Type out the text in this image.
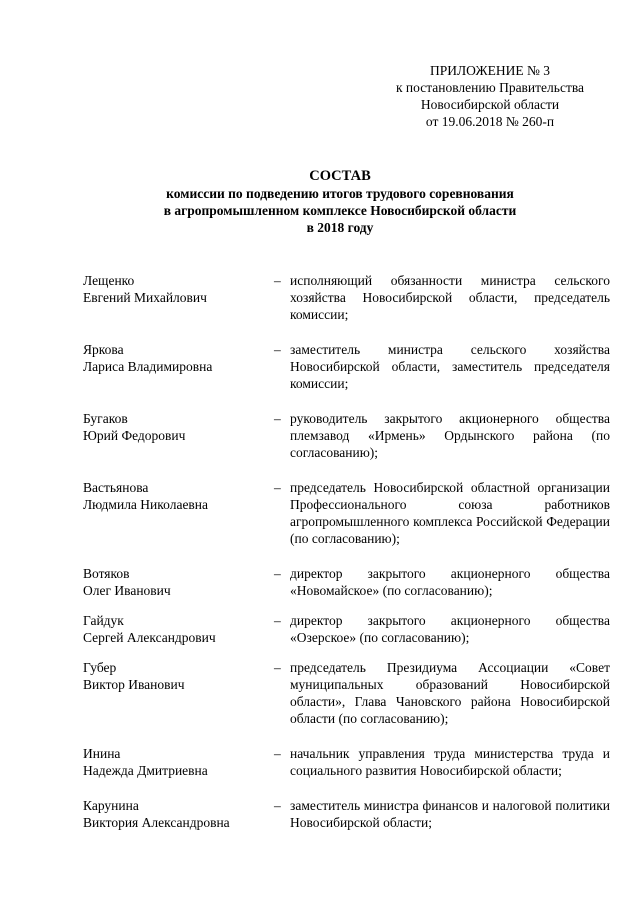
ПРИЛОЖЕНИЕ № 3
к постановлению Правительства
Новосибирской области
от 19.06.2018 № 260-п
СОСТАВ
комиссии по подведению итогов трудового соревнования
в агропромышленном комплексе Новосибирской области
в 2018 году
Лещенко
Евгений Михайлович
– исполняющий обязанности министра сельского хозяйства Новосибирской области, председатель комиссии;
Яркова
Лариса Владимировна
– заместитель министра сельского хозяйства Новосибирской области, заместитель председателя комиссии;
Бугаков
Юрий Федорович
– руководитель закрытого акционерного общества племзавод «Ирмень» Ордынского района (по согласованию);
Вастьянова
Людмила Николаевна
– председатель Новосибирской областной организации Профессионального союза работников агропромышленного комплекса Российской Федерации (по согласованию);
Вотяков
Олег Иванович
– директор закрытого акционерного общества «Новомайское» (по согласованию);
Гайдук
Сергей Александрович
– директор закрытого акционерного общества «Озерское» (по согласованию);
Губер
Виктор Иванович
– председатель Президиума Ассоциации «Совет муниципальных образований Новосибирской области», Глава Чановского района Новосибирской области (по согласованию);
Инина
Надежда Дмитриевна
– начальник управления труда министерства труда и социального развития Новосибирской области;
Карунина
Виктория Александровна
– заместитель министра финансов и налоговой политики Новосибирской области;
